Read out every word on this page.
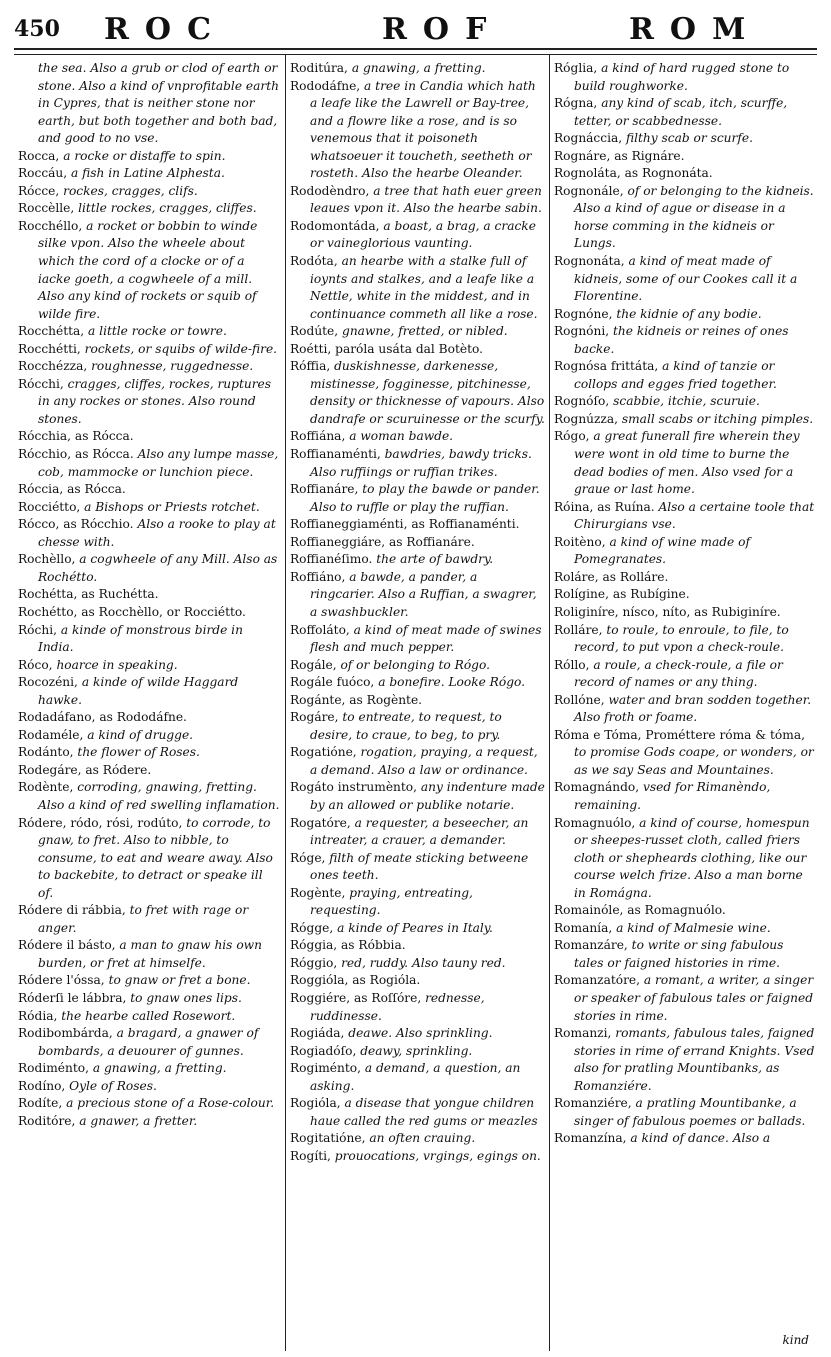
450 ROC	ROF	ROM

the sea. Also a grub or clod of earth or stone. Also a kind of vnprofitable earth in Cypres, that is neither stone nor earth, but both together and both bad, and good to no vse.

Rocca, a rocke or distaffe to spin.

Roccáu, a fish in Latine Alphesta.

Rócce, rockes, cragges, clifs.

Roccèlle, little rockes, cragges, cliffes.

Rocchéllo, a rocket or bobbin to winde silke vpon. Also the wheele about which the cord of a clocke or of a iacke goeth, a cogwheele of a mill. Also any kind of rockets or squib of wilde fire.

Rocchétta, a little rocke or towre.

Rocchétti, rockets, or squibs of wilde-fire.

Rocchézza, roughnesse, ruggednesse.

Rócchi, cragges, cliffes, rockes, ruptures in any rockes or stones. Also round stones.

Rócchia, as Rócca.

Rócchio, as Rócca. Also any lumpe masse, cob, mammocke or lunchion piece.

Róccia, as Rócca.

Rocciétto, a Bishops or Priests rotchet.

Rócco, as Rócchio. Also a rooke to play at chesse with.

Rochèllo, a cogwheele of any Mill. Also as Rochétto.

Rochétta, as Ruchétta.

Rochétto, as Rocchèllo, or Rocciétto.

Róchi, a kinde of monstrous birde in India.

Róco, hoarce in speaking.

Rocozéni, a kinde of wilde Haggard hawke.

Rodadáfano, as Rododáfne.

Rodaméle, a kind of drugge.

Rodánto, the flower of Roses.

Rodegáre, as Ródere.

Rodènte, corroding, gnawing, fretting. Also a kind of red swelling inflamation.

Ródere, ródo, rósi, rodúto, to corrode, to gnaw, to fret. Also to nibble, to consume, to eat and weare away. Also to backebite, to detract or speake ill of.

Ródere di rábbia, to fret with rage or anger.

Ródere il básto, a man to gnaw his own burden, or fret at himselfe.

Ródere l'óssa, to gnaw or fret a bone.

Róderſi le lábbra, to gnaw ones lips.

Ródia, the hearbe called Rosewort.

Rodibombárda, a bragard, a gnawer of bombards, a deuourer of gunnes.

Rodiménto, a gnawing, a fretting.

Rodíno, Oyle of Roses.

Rodíte, a precious stone of a Rose-colour.

Roditóre, a gnawer, a fretter.

Roditúra, a gnawing, a fretting.

Rododáfne, a tree in Candia which hath a leafe like the Lawrell or Bay-tree, and a flowre like a rose, and is so venemous that it poisoneth whatsoeuer it toucheth, seetheth or rosteth. Also the hearbe Oleander.

Rododèndro, a tree that hath euer green leaues vpon it. Also the hearbe sabin.

Rodomontáda, a boast, a brag, a cracke or vaineglorious vaunting.

Rodóta, an hearbe with a stalke full of ioynts and stalkes, and a leafe like a Nettle, white in the middest, and in continuance commeth all like a rose.

Rodúte, gnawne, fretted, or nibled.

Roétti, paróla usáta dal Botèto.

Róffia, duskishnesse, darkenesse, mistinesse, fogginesse, pitchinesse, density or thicknesse of vapours. Also dandrafe or scuruinesse or the scurfy.

Roffiána, a woman bawde.

Roffianaménti, bawdries, bawdy tricks. Also ruffiings or ruffian trikes.

Roffianáre, to play the bawde or pander. Also to ruffle or play the ruffian.

Roffianeggiaménti, as Roffianaménti.

Roffianeggiáre, as Roffianáre.

Roffianéſimo. the arte of bawdry.

Roffiáno, a bawde, a pander, a ringcarier. Also a Ruffian, a swagrer, a swashbuckler.

Roffoláto, a kind of meat made of swines flesh and much pepper.

Rogále, of or belonging to Rógo.

Rogále fuóco, a bonefire. Looke Rógo.

Rogánte, as Rogènte.

Rogáre, to entreate, to request, to desire, to craue, to beg, to pry.

Rogatióne, rogation, praying, a request, a demand. Also a law or ordinance.

Rogáto instrumènto, any indenture made by an allowed or publike notarie.

Rogatóre, a requester, a beseecher, an intreater, a crauer, a demander.

Róge, filth of meate sticking betweene ones teeth.

Rogènte, praying, entreating, requesting.

Rógge, a kinde of Peares in Italy.

Róggia, as Róbbia.

Róggio, red, ruddy. Also tauny red.

Roggióla, as Rogióla.

Roggiére, as Roſſóre, rednesse, ruddinesse.

Rogiáda, deawe. Also sprinkling.

Rogiadóſo, deawy, sprinkling.

Rogiménto, a demand, a question, an asking.

Rogióla, a disease that yongue children haue called the red gums or meazles

Rogitatióne, an often crauing.

Rogíti, prouocations, vrgings, egings on.

Róglia, a kind of hard rugged stone to build roughworke.

Rógna, any kind of scab, itch, scurffe, tetter, or scabbednesse.

Rognáccia, filthy scab or scurfe.

Rognáre, as Rignáre.

Rognoláta, as Rognonáta.

Rognonále, of or belonging to the kidneis. Also a kind of ague or disease in a horse comming in the kidneis or Lungs.

Rognonáta, a kind of meat made of kidneis, some of our Cookes call it a Florentine.

Rognóne, the kidnie of any bodie.

Rognóni, the kidneis or reines of ones backe.

Rognósa frittáta, a kind of tanzie or collops and egges fried together.

Rognóſo, scabbie, itchie, scuruie.

Rognúzza, small scabs or itching pimples.

Rógo, a great funerall fire wherein they were wont in old time to burne the dead bodies of men. Also vsed for a graue or last home.

Róina, as Ruína. Also a certaine toole that Chirurgians vse.

Roitèno, a kind of wine made of Pomegranates.

Roláre, as Rolláre.

Rolígine, as Rubígine.

Roliginíre, nísco, níto, as Rubiginíre.

Rolláre, to roule, to enroule, to file, to record, to put vpon a check-roule.

Róllo, a roule, a check-roule, a file or record of names or any thing.

Rollóne, water and bran sodden together. Also froth or foame.

Róma e Tóma, Prométtere róma & tóma, to promise Gods coape, or wonders, or as we say Seas and Mountaines.

Romagnándo, vsed for Rimanèndo, remaining.

Romagnuólo, a kind of course, homespun or sheepes-russet cloth, called friers cloth or shepheards clothing, like our course welch frize. Also a man borne in Romágna.

Romainóle, as Romagnuólo.

Romanía, a kind of Malmesie wine.

Romanzáre, to write or sing fabulous tales or faigned histories in rime.

Romanzatóre, a romant, a writer, a singer or speaker of fabulous tales or faigned stories in rime.

Romanzi, romants, fabulous tales, faigned stories in rime of errand Knights. Vsed also for pratling Mountibanks, as Romanziére.

Romanziére, a pratling Mountibanke, a singer of fabulous poemes or ballads.

Romanzína, a kind of dance. Also a

kind
